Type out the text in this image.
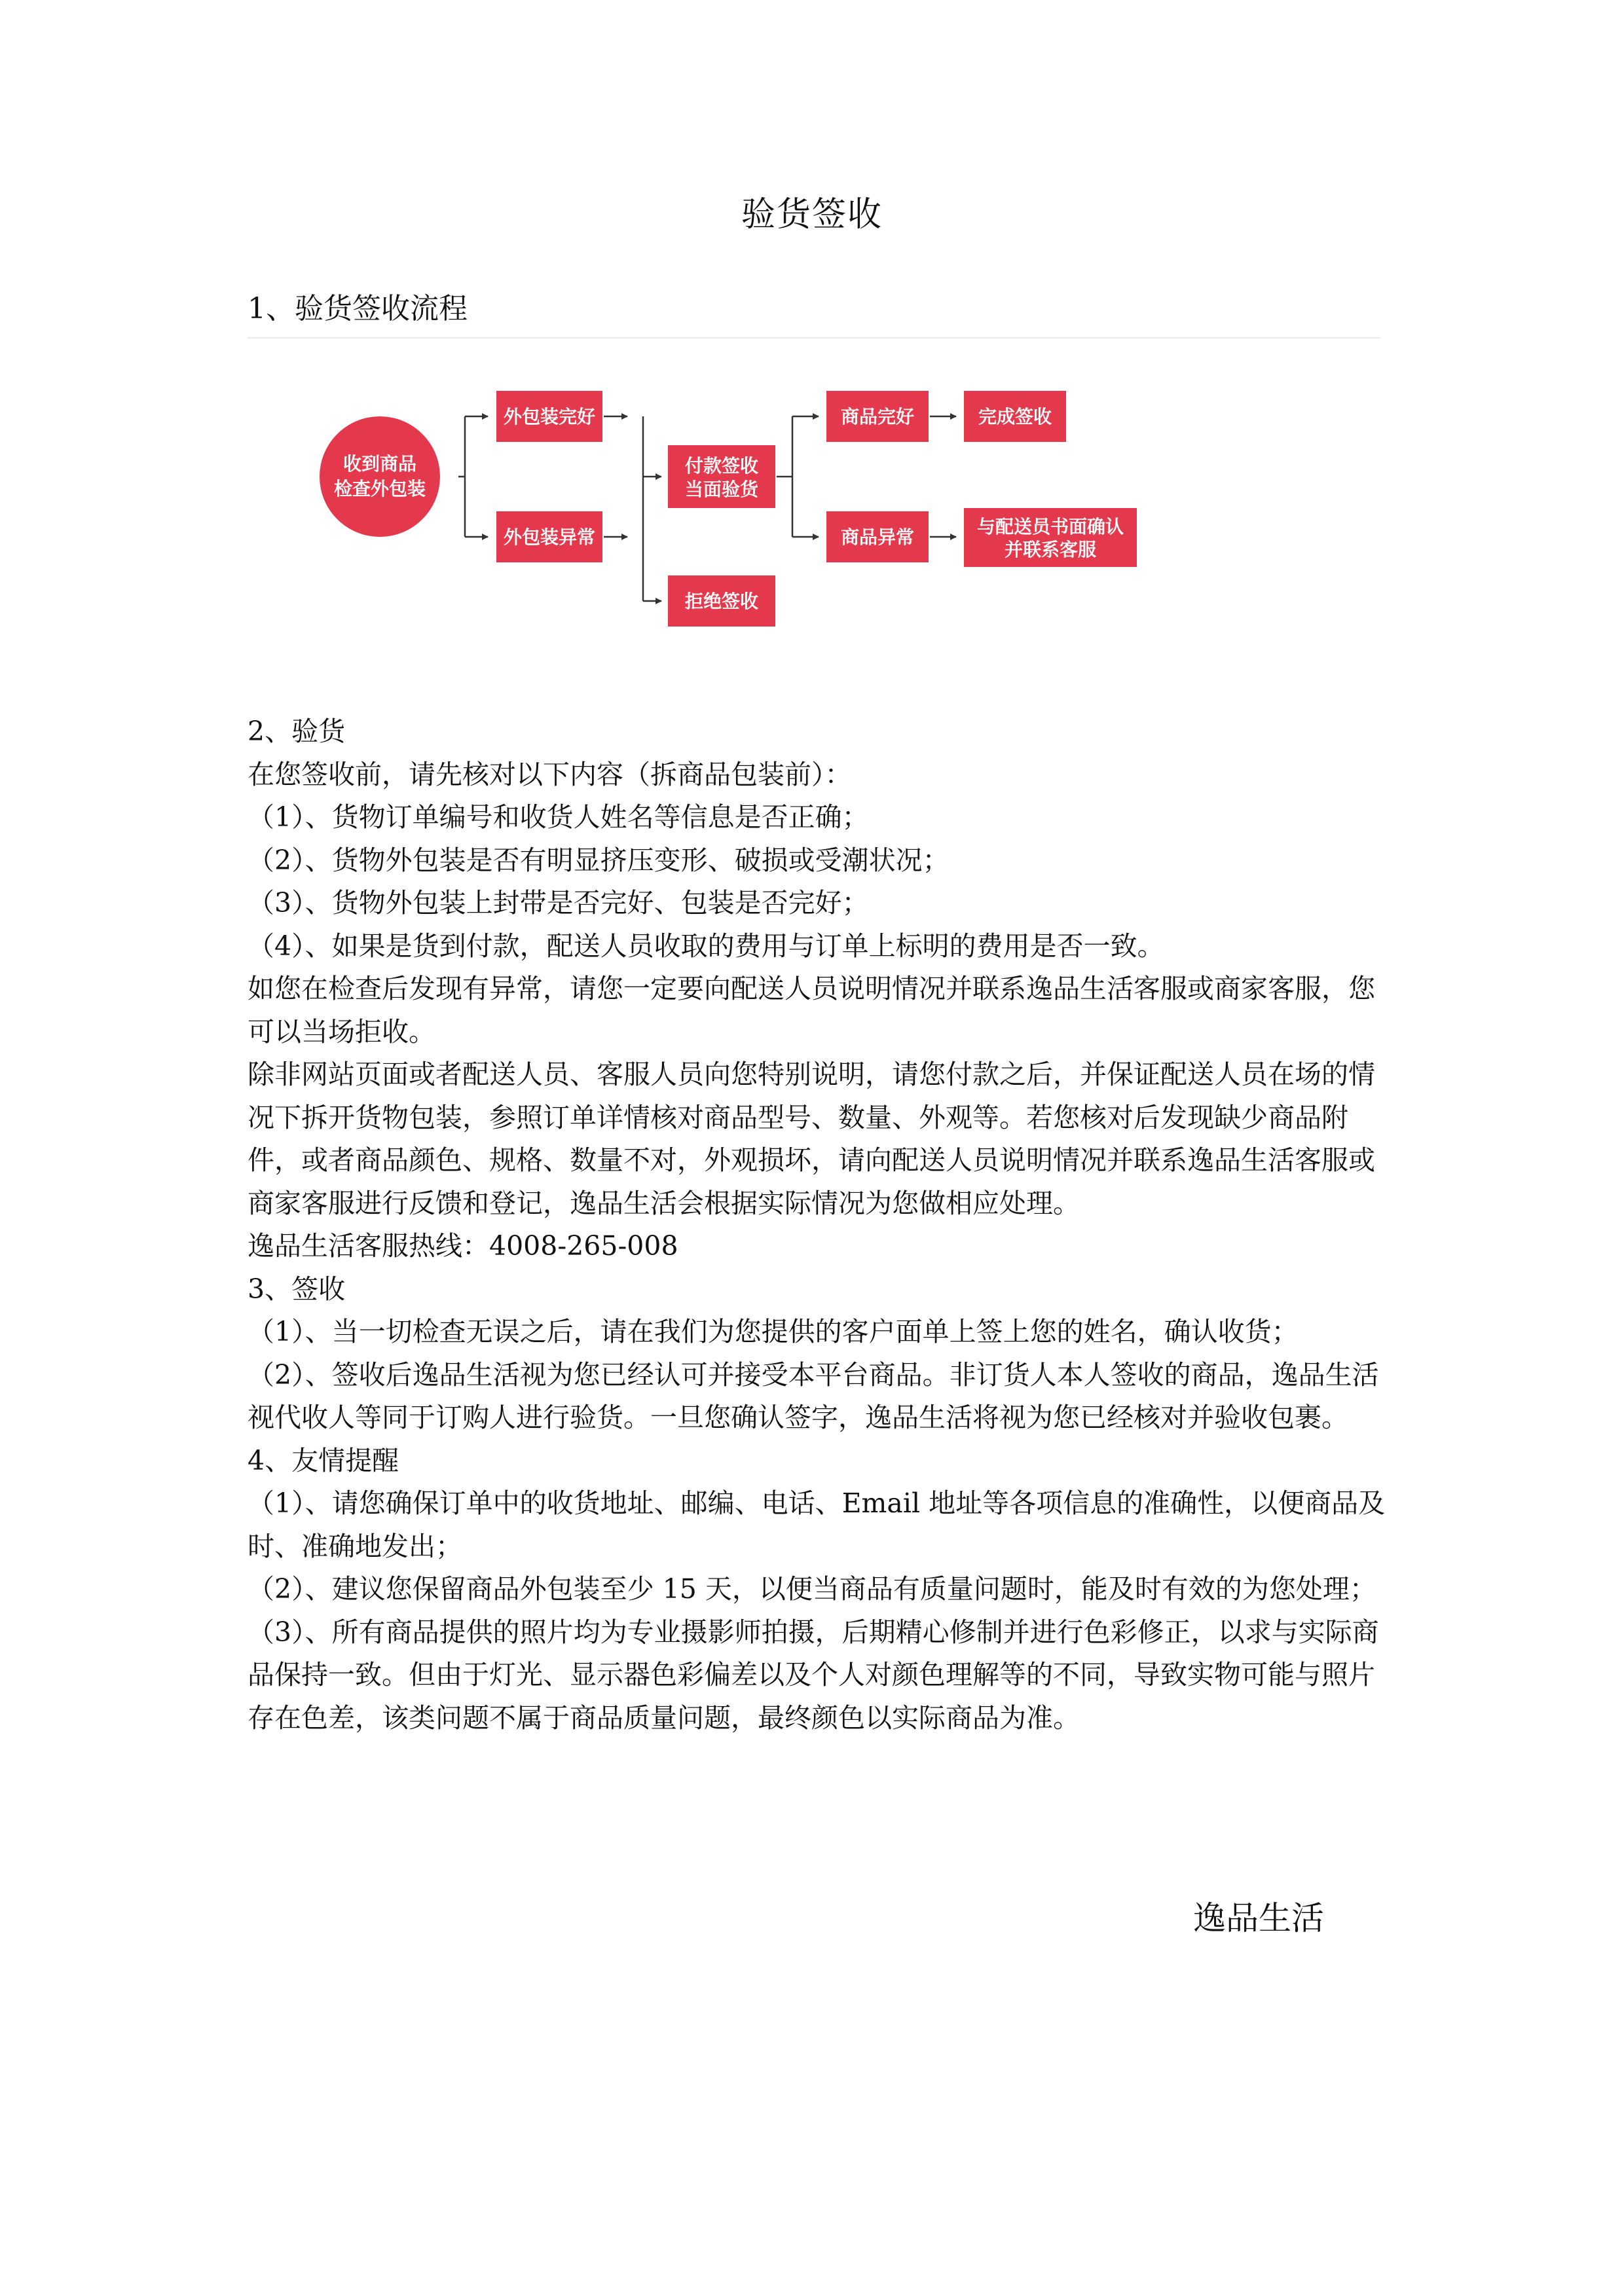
验货签收
1、验货签收流程
收到商品
检查外包装
外包装完好
外包装异常
付款签收
当面验货
拒绝签收
商品完好	完成签收
商品异常	与配送员书面确认
并联系客服

2、验货

在您签收前，请先核对以下内容（拆商品包装前）：

（1）、货物订单编号和收货人姓名等信息是否正确；

（2）、货物外包装是否有明显挤压变形、破损或受潮状况；

（3）、货物外包装上封带是否完好、包装是否完好；

（4）、如果是货到付款，配送人员收取的费用与订单上标明的费用是否一致。

如您在检查后发现有异常，请您一定要向配送人员说明情况并联系逸品生活客服或商家客服，您可以当场拒收。

除非网站页面或者配送人员、客服人员向您特别说明，请您付款之后，并保证配送人员在场的情况下拆开货物包装，参照订单详情核对商品型号、数量、外观等。若您核对后发现缺少商品附件，或者商品颜色、规格、数量不对，外观损坏，请向配送人员说明情况并联系逸品生活客服或商家客服进行反馈和登记，逸品生活会根据实际情况为您做相应处理。

逸品生活客服热线：4008-265-008

3、签收

（1）、当一切检查无误之后，请在我们为您提供的客户面单上签上您的姓名，确认收货；

（2）、签收后逸品生活视为您已经认可并接受本平台商品。非订货人本人签收的商品，逸品生活视代收人等同于订购人进行验货。一旦您确认签字，逸品生活将视为您已经核对并验收包裹。

4、友情提醒

（1）、请您确保订单中的收货地址、邮编、电话、Email 地址等各项信息的准确性，以便商品及时、准确地发出；

（2）、建议您保留商品外包装至少 15 天，以便当商品有质量问题时，能及时有效的为您处理；

（3）、所有商品提供的照片均为专业摄影师拍摄，后期精心修制并进行色彩修正，以求与实际商品保持一致。但由于灯光、显示器色彩偏差以及个人对颜色理解等的不同，导致实物可能与照片存在色差，该类问题不属于商品质量问题，最终颜色以实际商品为准。

逸品生活
